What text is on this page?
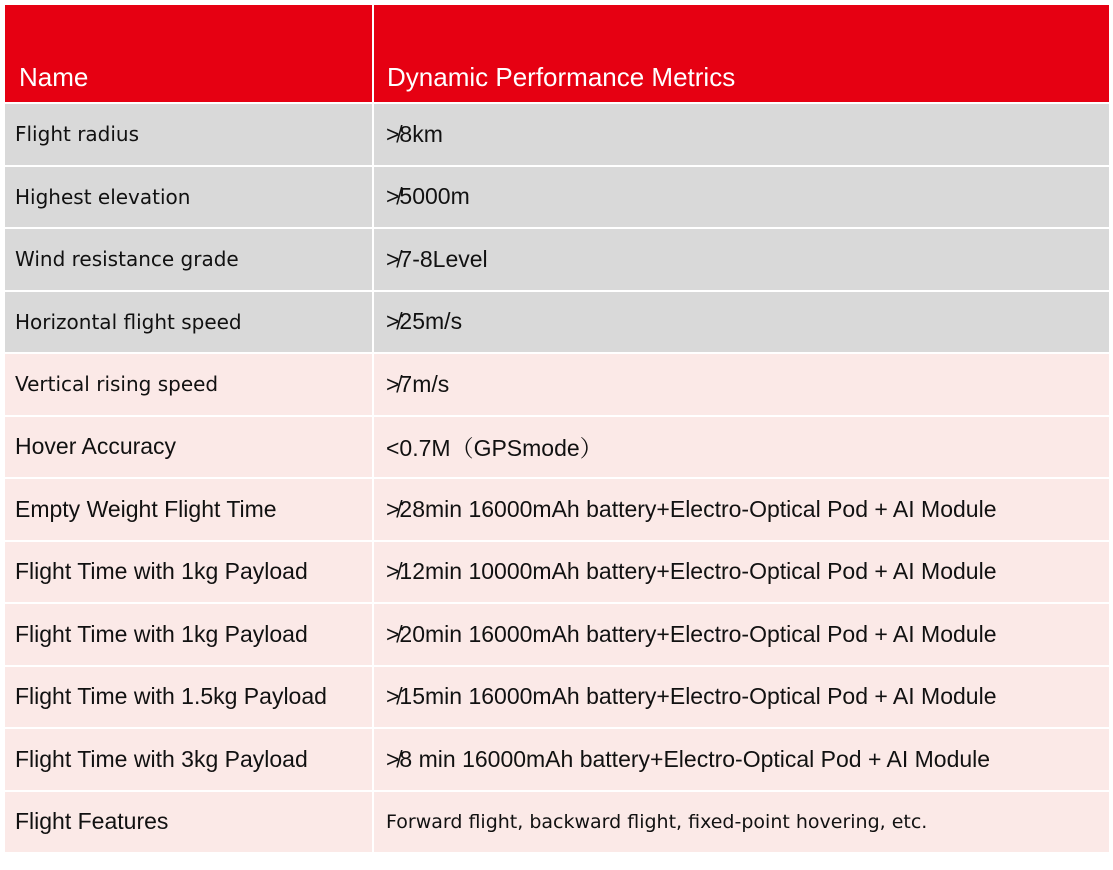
Name	Dynamic Performance Metrics
Flight radius	≯8km
Highest elevation	≯5000m
Wind resistance grade	≯7-8Level
Horizontal flight speed	≯25m/s
Vertical rising speed	≯7m/s
Hover Accuracy	<0.7M（GPSmode）
Empty Weight Flight Time	≯28min 16000mAh battery+Electro-Optical Pod + AI Module
Flight Time with 1kg Payload	≯12min 10000mAh battery+Electro-Optical Pod + AI Module
Flight Time with 1kg Payload	≯20min 16000mAh battery+Electro-Optical Pod + AI Module
Flight Time with 1.5kg Payload	≯15min 16000mAh battery+Electro-Optical Pod + AI Module
Flight Time with 3kg Payload	≯8 min 16000mAh battery+Electro-Optical Pod + AI Module
Flight Features	Forward flight, backward flight, fixed-point hovering, etc.
